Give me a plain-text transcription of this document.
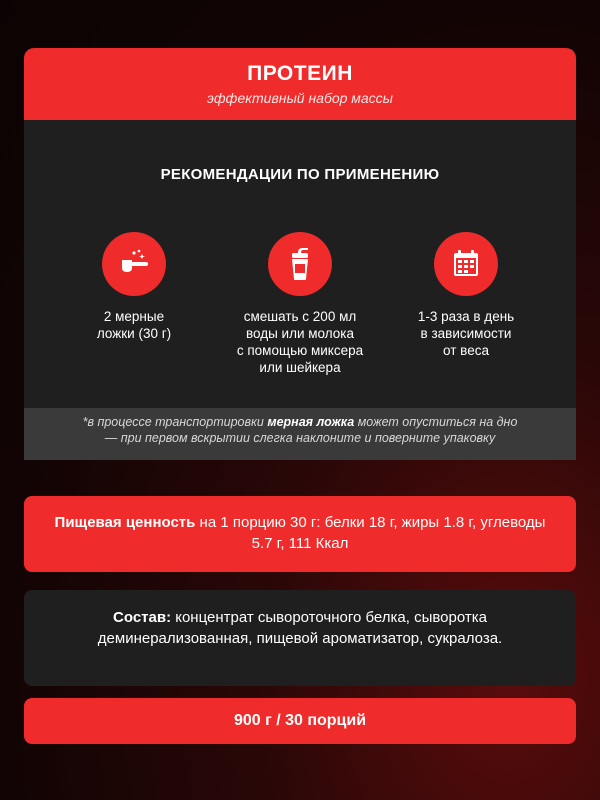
ПРОТЕИН
эффективный набор массы
РЕКОМЕНДАЦИИ ПО ПРИМЕНЕНИЮ
2 мерные
ложки (30 г)
смешать с 200 мл
воды или молока
с помощью миксера
или шейкера
1-3 раза в день
в зависимости
от веса
*в процессе транспортировки мерная ложка может опуститься на дно
— при первом вскрытии слегка наклоните и поверните упаковку
Пищевая ценность на 1 порцию 30 г: белки 18 г, жиры 1.8 г, углеводы 5.7 г, 111 Ккал
Состав: концентрат сывороточного белка, сыворотка деминерализованная, пищевой ароматизатор, сукралоза.
900 г / 30 порций
